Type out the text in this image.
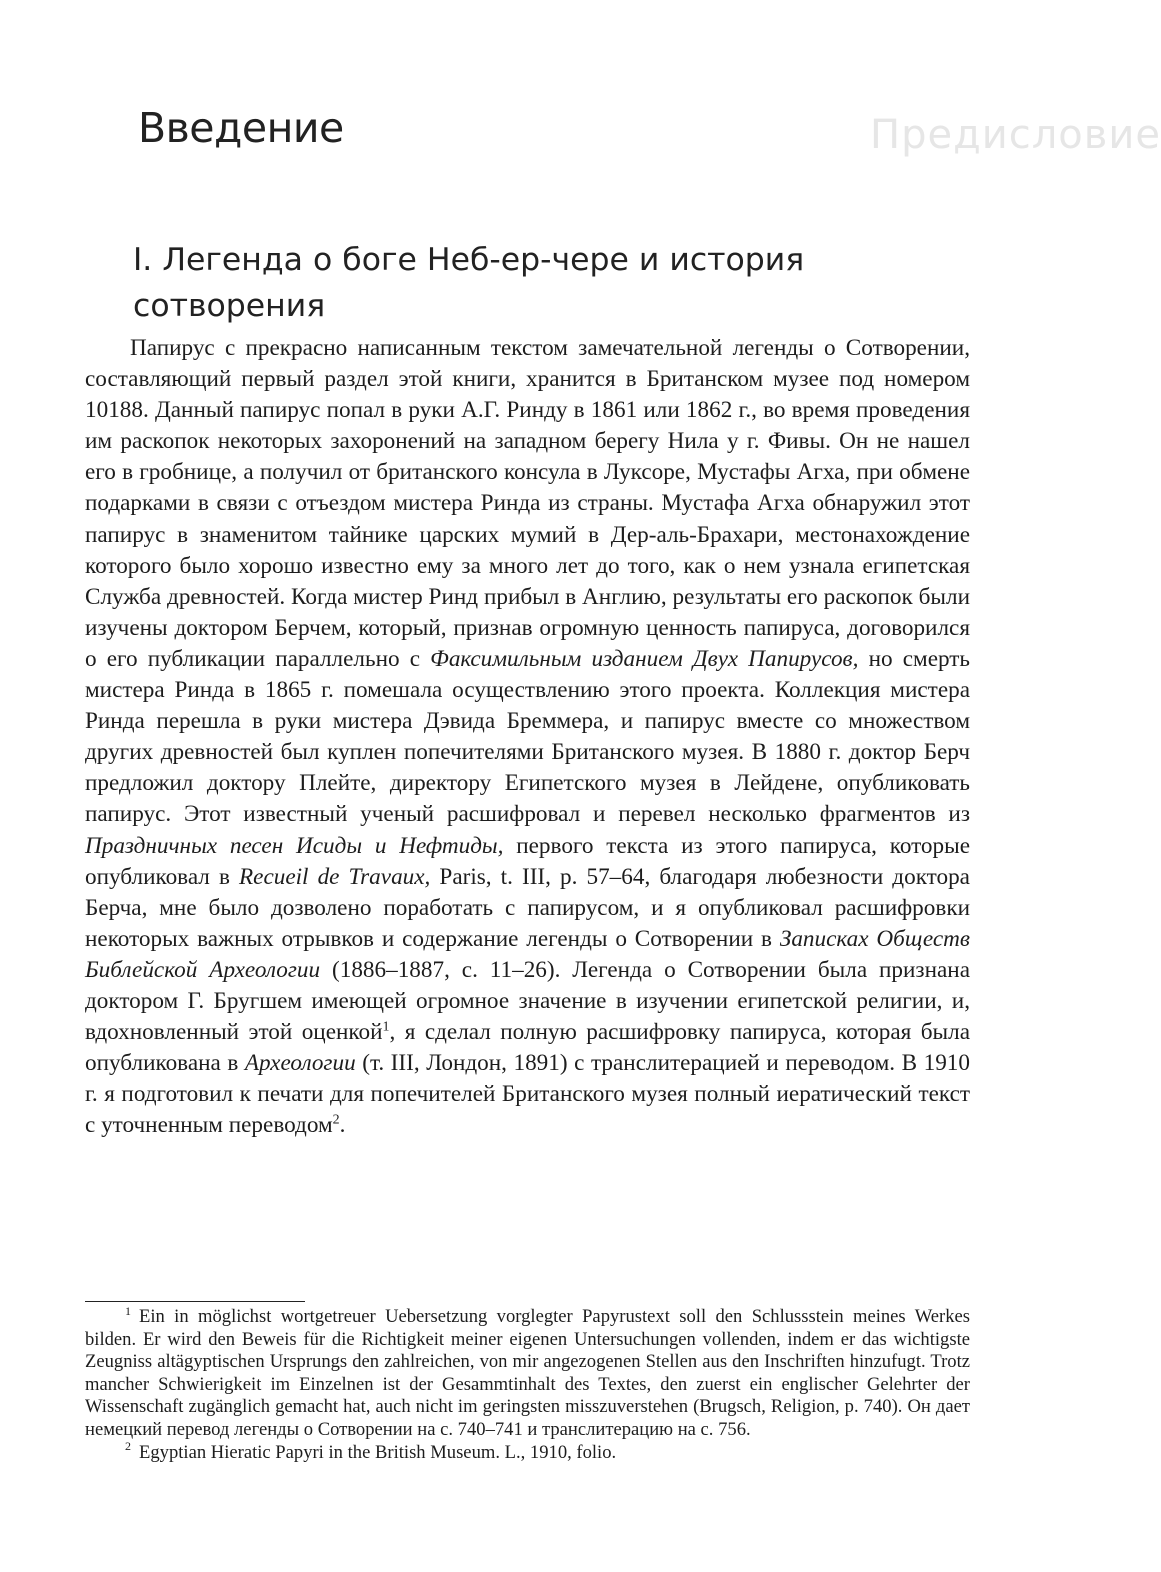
Предисловие
Введение
I. Легенда о боге Неб-ер-чере и история сотворения

Папирус с прекрасно написанным текстом замечательной легенды о Сотворении, составляющий первый раздел этой книги, хранится в Британском музее под номером 10188. Данный папирус попал в руки А.Г. Ринду в 1861 или 1862 г., во время проведения им раскопок некоторых захоронений на западном берегу Нила у г. Фивы. Он не нашел его в гробнице, а получил от британского консула в Луксоре, Мустафы Агха, при обмене подарками в связи с отъездом мистера Ринда из страны. Мустафа Агха обнаружил этот папирус в знаменитом тайнике царских мумий в Дер-аль-Брахари, местонахождение которого было хорошо известно ему за много лет до того, как о нем узнала египетская Служба древностей. Когда мистер Ринд прибыл в Англию, результаты его раскопок были изучены доктором Берчем, который, признав огромную ценность папируса, договорился о его публикации параллельно с Факсимильным изданием Двух Папирусов, но смерть мистера Ринда в 1865 г. помешала осуществлению этого проекта. Коллекция мистера Ринда перешла в руки мистера Дэвида Бреммера, и папирус вместе со множеством других древностей был куплен попечителями Британского музея. В 1880 г. доктор Берч предложил доктору Плейте, директору Египетского музея в Лейдене, опубликовать папирус. Этот известный ученый расшифровал и перевел несколько фрагментов из Праздничных песен Исиды и Нефтиды, первого текста из этого папируса, которые опубликовал в Recueil de Travaux, Paris, t. III, p. 57–64, благодаря любезности доктора Берча, мне было дозволено поработать с папирусом, и я опубликовал расшифровки некоторых важных отрывков и содержание легенды о Сотворении в Записках Обществ Библейской Археологии (1886–1887, с. 11–26). Легенда о Сотворении была признана доктором Г. Бругшем имеющей огромное значение в изучении египетской религии, и, вдохновленный этой оценкой$^1$, я сделал полную расшифровку папируса, которая была опубликована в Археологии (т. III, Лондон, 1891) с транслитерацией и переводом. В 1910 г. я подготовил к печати для попечителей Британского музея полный иератический текст с уточненным переводом$^2$.

$^1$ Ein in möglichst wortgetreuer Uebersetzung vorglegter Papyrustext soll den Schlussstein meines Werkes bilden. Er wird den Beweis für die Richtigkeit meiner eigenen Untersuchungen vollenden, indem er das wichtigste Zeugniss altägyptischen Ursprungs den zahlreichen, von mir angezogenen Stellen aus den Inschriften hinzufugt. Trotz mancher Schwierigkeit im Einzelnen ist der Gesammtinhalt des Textes, den zuerst ein englischer Gelehrter der Wissenschaft zugänglich gemacht hat, auch nicht im geringsten misszuverstehen (Brugsch, Religion, p. 740). Он дает немецкий перевод легенды о Сотворении на с. 740–741 и транслитерацию на с. 756.

$^2$ Egyptian Hieratic Papyri in the British Museum. L., 1910, folio.
